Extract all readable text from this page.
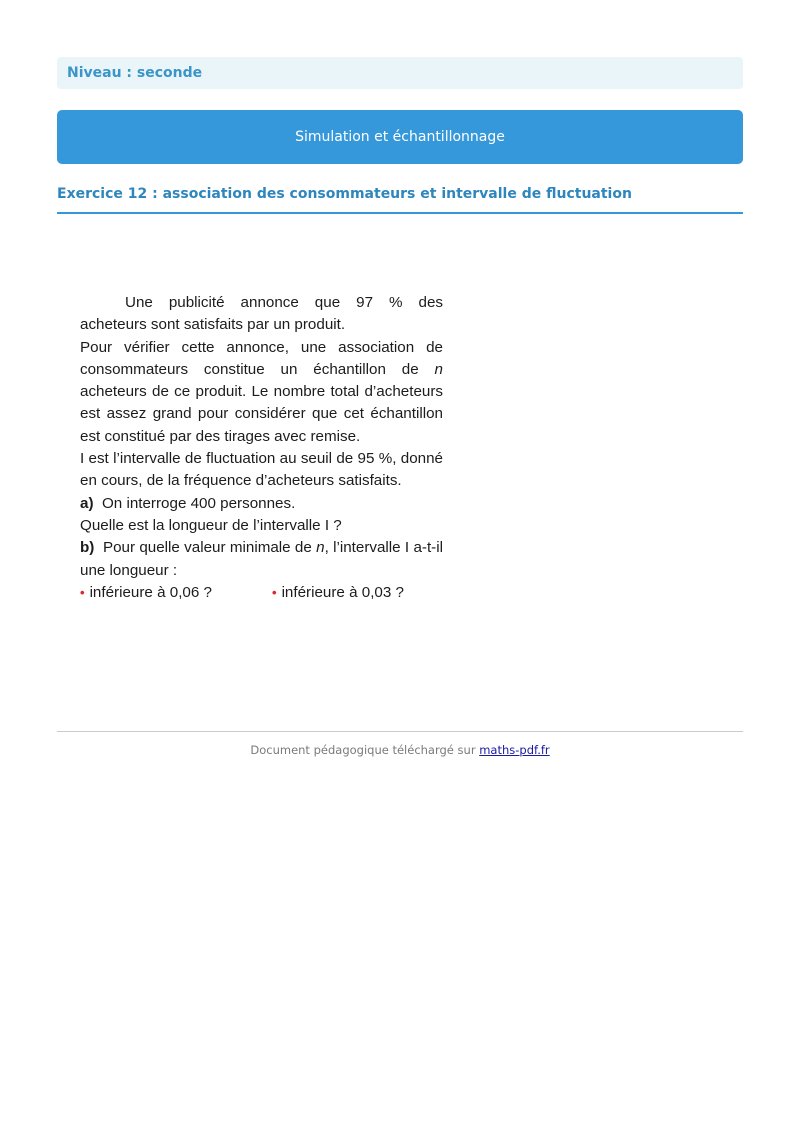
Niveau : seconde
Simulation et échantillonnage
Exercice 12 : association des consommateurs et intervalle de fluctuation

Une publicité annonce que 97 % des acheteurs sont satisfaits par un produit.

Pour vérifier cette annonce, une association de consommateurs constitue un échantillon de n acheteurs de ce produit. Le nombre total d’acheteurs est assez grand pour considérer que cet échantillon est constitué par des tirages avec remise.

I est l’intervalle de fluctuation au seuil de 95 %, donné en cours, de la fréquence d’acheteurs satisfaits.

a) On interroge 400 personnes.

Quelle est la longueur de l’intervalle I ?

b) Pour quelle valeur minimale de n, l’intervalle I a-t-il une longueur :

• inférieure à 0,06 ?	• inférieure à 0,03 ?
Document pédagogique téléchargé sur maths-pdf.fr
